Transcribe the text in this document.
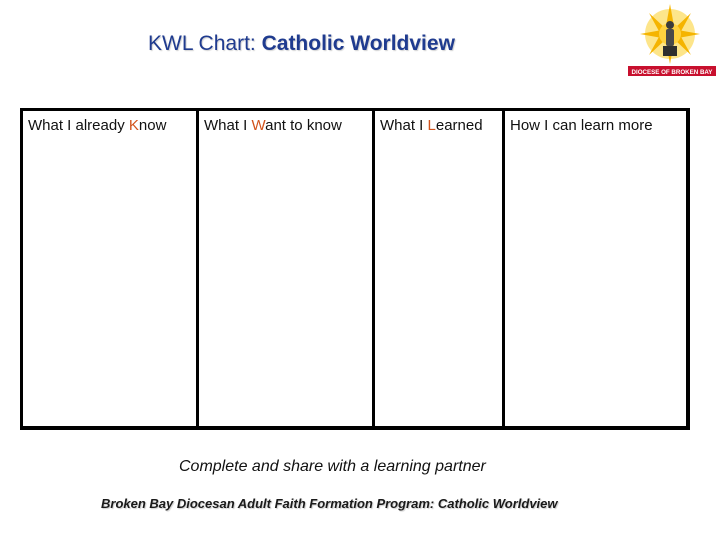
KWL Chart: Catholic Worldview
DIOCESE OF BROKEN BAY
What I already Know	What I Want to know	What I Learned How I can learn more
Complete and share with a learning partner
Broken Bay Diocesan Adult Faith Formation Program: Catholic Worldview
